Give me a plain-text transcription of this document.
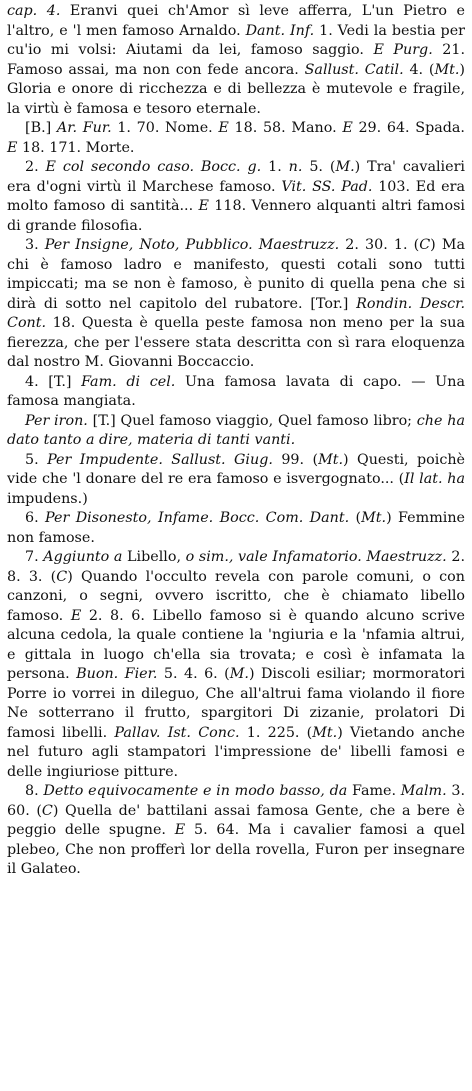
cap. 4. Eranvi quei ch'Amor sì leve afferra, L'un Pietro e l'altro, e 'l men famoso Arnaldo. Dant. Inf. 1. Vedi la bestia per cu'io mi volsi: Aiutami da lei, famoso saggio. E Purg. 21. Famoso assai, ma non con fede ancora. Sallust. Catil. 4. (Mt.) Gloria e onore di ricchezza e di bellezza è mutevole e fragile, la virtù è famosa e tesoro eternale.

[B.] Ar. Fur. 1. 70. Nome. E 18. 58. Mano. E 29. 64. Spada. E 18. 171. Morte.

2. E col secondo caso. Bocc. g. 1. n. 5. (M.) Tra' cavalieri era d'ogni virtù il Marchese famoso. Vit. SS. Pad. 103. Ed era molto famoso di santità... E 118. Vennero alquanti altri famosi di grande filosofia.

3. Per Insigne, Noto, Pubblico. Maestruzz. 2. 30. 1. (C) Ma chi è famoso ladro e manifesto, questi cotali sono tutti impiccati; ma se non è famoso, è punito di quella pena che si dirà di sotto nel capitolo del rubatore. [Tor.] Rondin. Descr. Cont. 18. Questa è quella peste famosa non meno per la sua fierezza, che per l'essere stata descritta con sì rara eloquenza dal nostro M. Giovanni Boccaccio.

4. [T.] Fam. di cel. Una famosa lavata di capo. — Una famosa mangiata.

Per iron. [T.] Quel famoso viaggio, Quel famoso libro; che ha dato tanto a dire, materia di tanti vanti.

5. Per Impudente. Sallust. Giug. 99. (Mt.) Questi, poichè vide che 'l donare del re era famoso e isvergognato... (Il lat. ha impudens.)

6. Per Disonesto, Infame. Bocc. Com. Dant. (Mt.) Femmine non famose.

7. Aggiunto a Libello, o sim., vale Infamatorio. Maestruzz. 2. 8. 3. (C) Quando l'occulto revela con parole comuni, o con canzoni, o segni, ovvero iscritto, che è chiamato libello famoso. E 2. 8. 6. Libello famoso si è quando alcuno scrive alcuna cedola, la quale contiene la 'ngiuria e la 'nfamia altrui, e gittala in luogo ch'ella sia trovata; e così è infamata la persona. Buon. Fier. 5. 4. 6. (M.) Discoli esiliar; mormoratori Porre io vorrei in dileguo, Che all'altrui fama violando il fiore Ne sotterrano il frutto, spargitori Di zizanie, prolatori Di famosi libelli. Pallav. Ist. Conc. 1. 225. (Mt.) Vietando anche nel futuro agli stampatori l'impressione de' libelli famosi e delle ingiuriose pitture.

8. Detto equivocamente e in modo basso, da Fame. Malm. 3. 60. (C) Quella de' battilani assai famosa Gente, che a bere è peggio delle spugne. E 5. 64. Ma i cavalier famosi a quel plebeo, Che non profferì lor della rovella, Furon per insegnare il Galateo.
